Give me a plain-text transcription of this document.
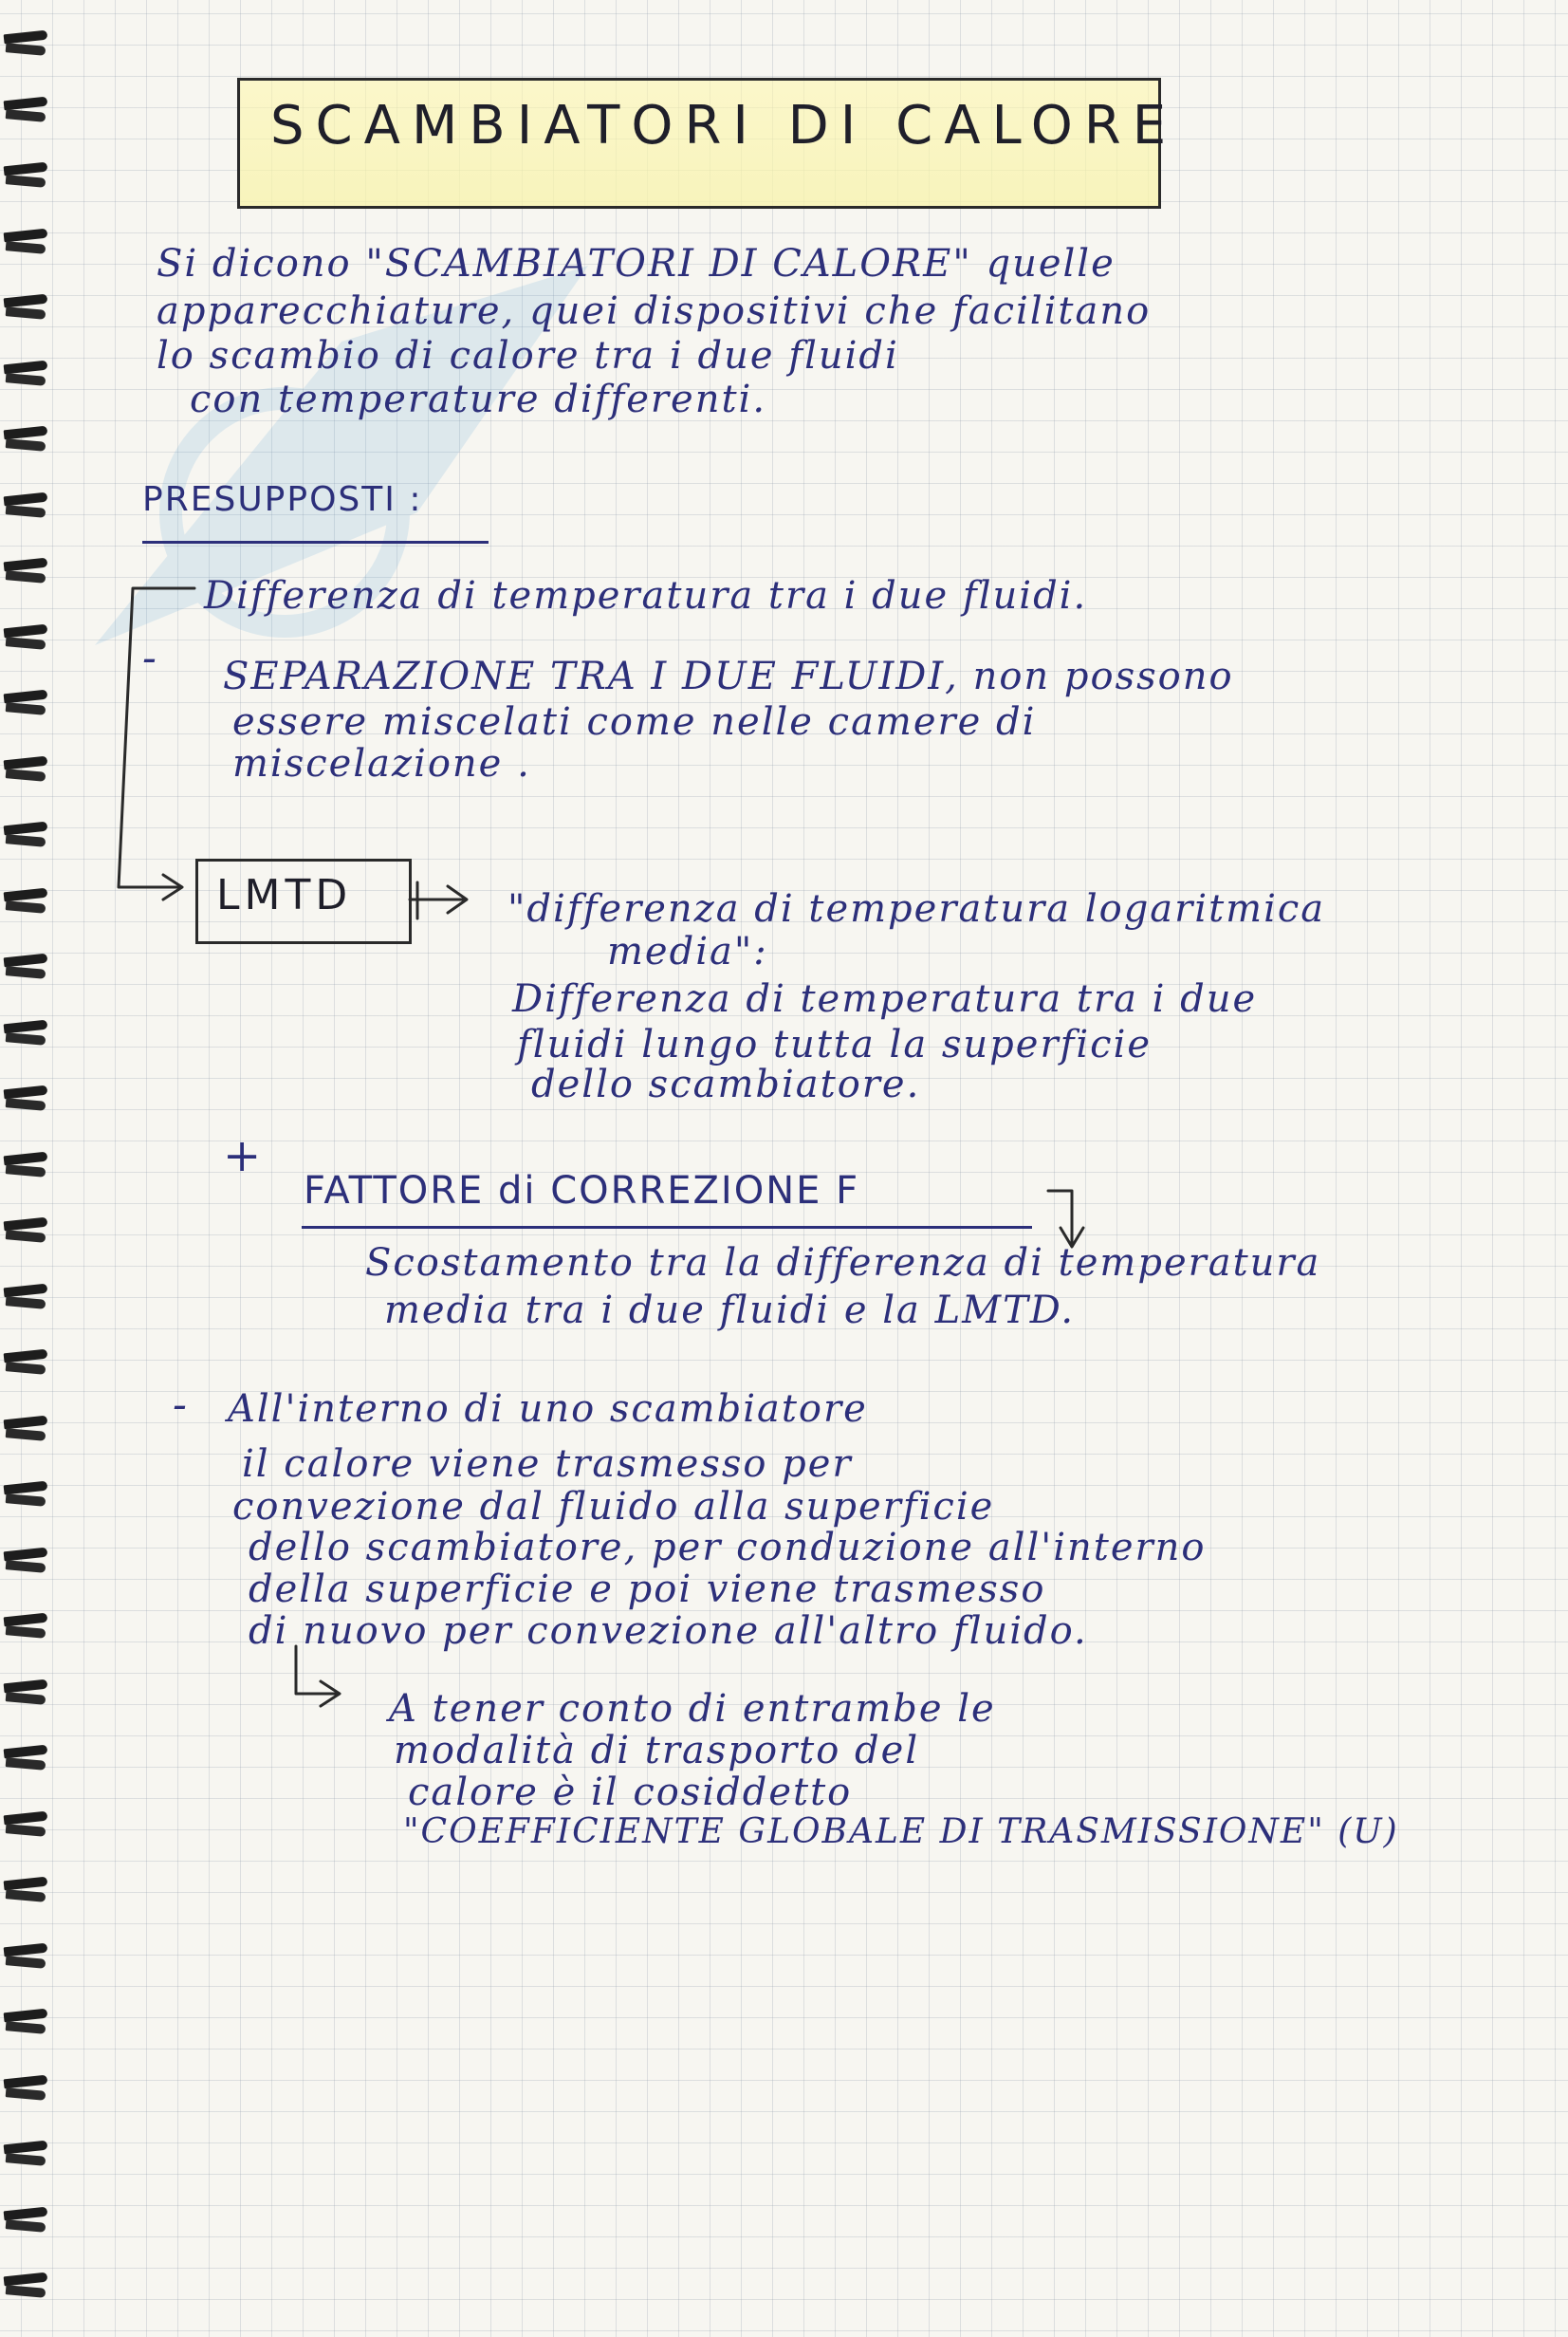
SCAMBIATORI DI CALORE
Si dicono "SCAMBIATORI DI CALORE" quelle
apparecchiature, quei dispositivi che facilitano
lo scambio di calore tra i due fluidi
con temperature differenti.
PRESUPPOSTI :
Differenza di temperatura tra i due fluidi.
- SEPARAZIONE TRA I DUE FLUIDI, non possono
essere miscelati come nelle camere di
miscelazione .
LMTD	"differenza di temperatura logaritmica
media":
Differenza di temperatura tra i due
fluidi lungo tutta la superficie
dello scambiatore.
+
FATTORE di CORREZIONE F
Scostamento tra la differenza di temperatura
media tra i due fluidi e la LMTD.
- All'interno di uno scambiatore
il calore viene trasmesso per
convezione dal fluido alla superficie
dello scambiatore, per conduzione all'interno
della superficie e poi viene trasmesso
di nuovo per convezione all'altro fluido.
A tener conto di entrambe le
modalità di trasporto del
calore è il cosiddetto
"COEFFICIENTE GLOBALE DI TRASMISSIONE" (U)
